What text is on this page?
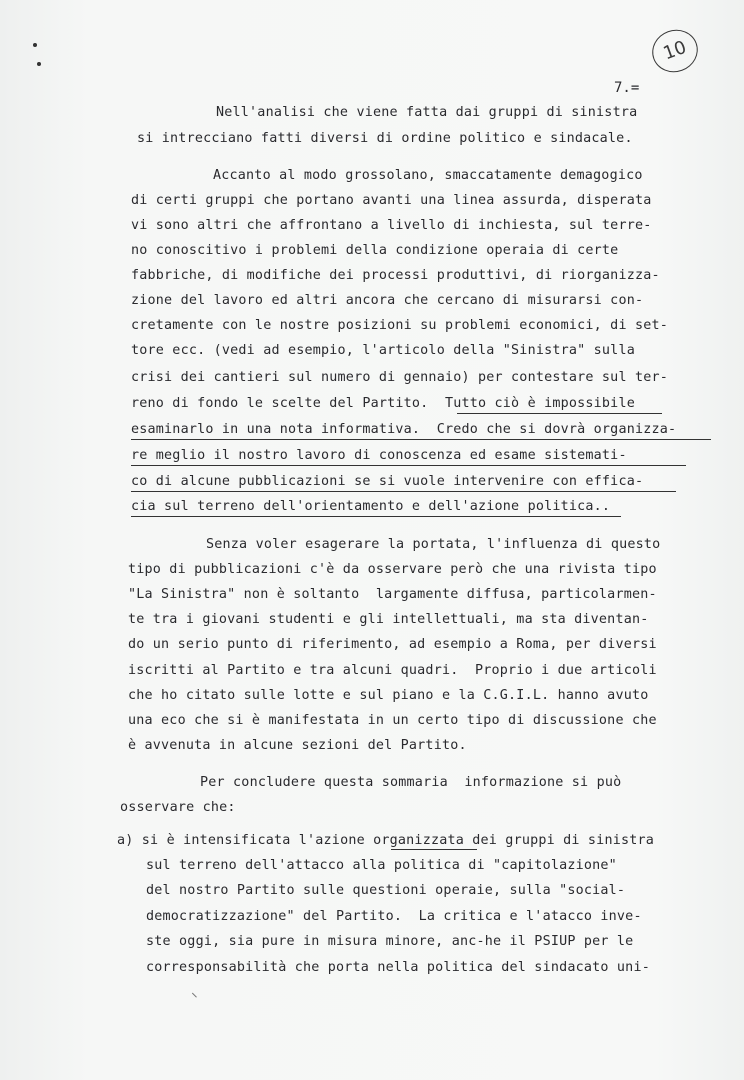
10
7.=
Nell'analisi che viene fatta dai gruppi di sinistra
si intrecciano fatti diversi di ordine politico e sindacale.
Accanto al modo grossolano, smaccatamente demagogico
di certi gruppi che portano avanti una linea assurda, disperata
vi sono altri che affrontano a livello di inchiesta, sul terre-
no conoscitivo i problemi della condizione operaia di certe
fabbriche, di modifiche dei processi produttivi, di riorganizza-
zione del lavoro ed altri ancora che cercano di misurarsi con-
cretamente con le nostre posizioni su problemi economici, di set-
tore ecc. (vedi ad esempio, l'articolo della "Sinistra" sulla
crisi dei cantieri sul numero di gennaio) per contestare sul ter-
reno di fondo le scelte del Partito.  Tutto ciò è impossibile
esaminarlo in una nota informativa.  Credo che si dovrà organizza-
re meglio il nostro lavoro di conoscenza ed esame sistemati-
co di alcune pubblicazioni se si vuole intervenire con effica-
cia sul terreno dell'orientamento e dell'azione politica..
Senza voler esagerare la portata, l'influenza di questo
tipo di pubblicazioni c'è da osservare però che una rivista tipo
"La Sinistra" non è soltanto  largamente diffusa, particolarmen-
te tra i giovani studenti e gli intellettuali, ma sta diventan-
do un serio punto di riferimento, ad esempio a Roma, per diversi
iscritti al Partito e tra alcuni quadri.  Proprio i due articoli
che ho citato sulle lotte e sul piano e la C.G.I.L. hanno avuto
una eco che si è manifestata in un certo tipo di discussione che
è avvenuta in alcune sezioni del Partito.
Per concludere questa sommaria  informazione si può
osservare che:
a) si è intensificata l'azione organizzata dei gruppi di sinistra
sul terreno dell'attacco alla politica di "capitolazione"
del nostro Partito sulle questioni operaie, sulla "social-
democratizzazione" del Partito.  La critica e l'atacco inve-
ste oggi, sia pure in misura minore, anc-he il PSIUP per le
corresponsabilità che porta nella politica del sindacato uni-
